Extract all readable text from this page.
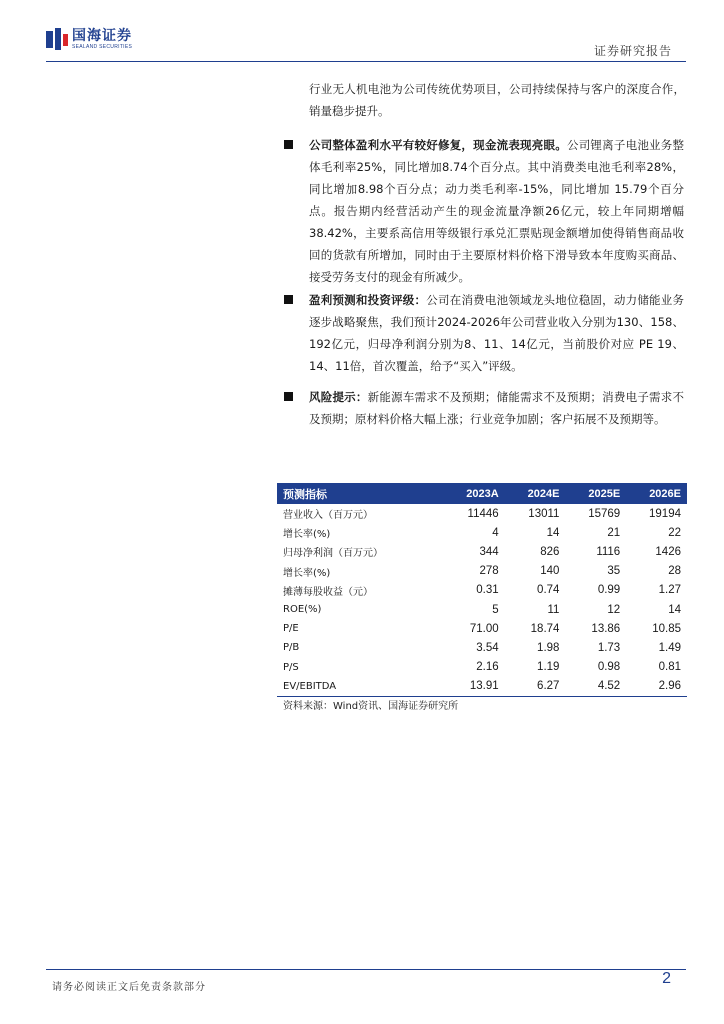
国海证券
SEALAND SECURITIES	证券研究报告
行业无人机电池为公司传统优势项目，公司持续保持与客户的深度合作，销量稳步提升。
公司整体盈利水平有较好修复，现金流表现亮眼。公司锂离子电池业务整体毛利率25%，同比增加8.74个百分点。其中消费类电池毛利率28%，同比增加8.98个百分点；动力类毛利率-15%，同比增加 15.79个百分点。报告期内经营活动产生的现金流量净额26亿元，较上年同期增幅38.42%，主要系高信用等级银行承兑汇票贴现金额增加使得销售商品收回的货款有所增加，同时由于主要原材料价格下滑导致本年度购买商品、接受劳务支付的现金有所减少。
盈利预测和投资评级：公司在消费电池领域龙头地位稳固，动力储能业务逐步战略聚焦，我们预计2024-2026年公司营业收入分别为130、158、192亿元，归母净利润分别为8、11、14亿元，当前股价对应 PE 19、14、11倍，首次覆盖，给予“买入”评级。
风险提示：新能源车需求不及预期；储能需求不及预期；消费电子需求不及预期；原材料价格大幅上涨；行业竞争加剧；客户拓展不及预期等。
预测指标	2023A	2024E	2025E	2026E
营业收入（百万元）	11446	13011	15769	19194
增长率(%)	4	14	21	22
归母净利润（百万元）	344	826	1116	1426
增长率(%)	278	140	35	28
摊薄每股收益（元）	0.31	0.74	0.99	1.27
ROE(%)	5	11	12	14
P/E	71.00	18.74	13.86	10.85
P/B	3.54	1.98	1.73	1.49
P/S	2.16	1.19	0.98	0.81
EV/EBITDA	13.91	6.27	4.52	2.96
资料来源：Wind资讯、国海证券研究所
请务必阅读正文后免责条款部分
2
